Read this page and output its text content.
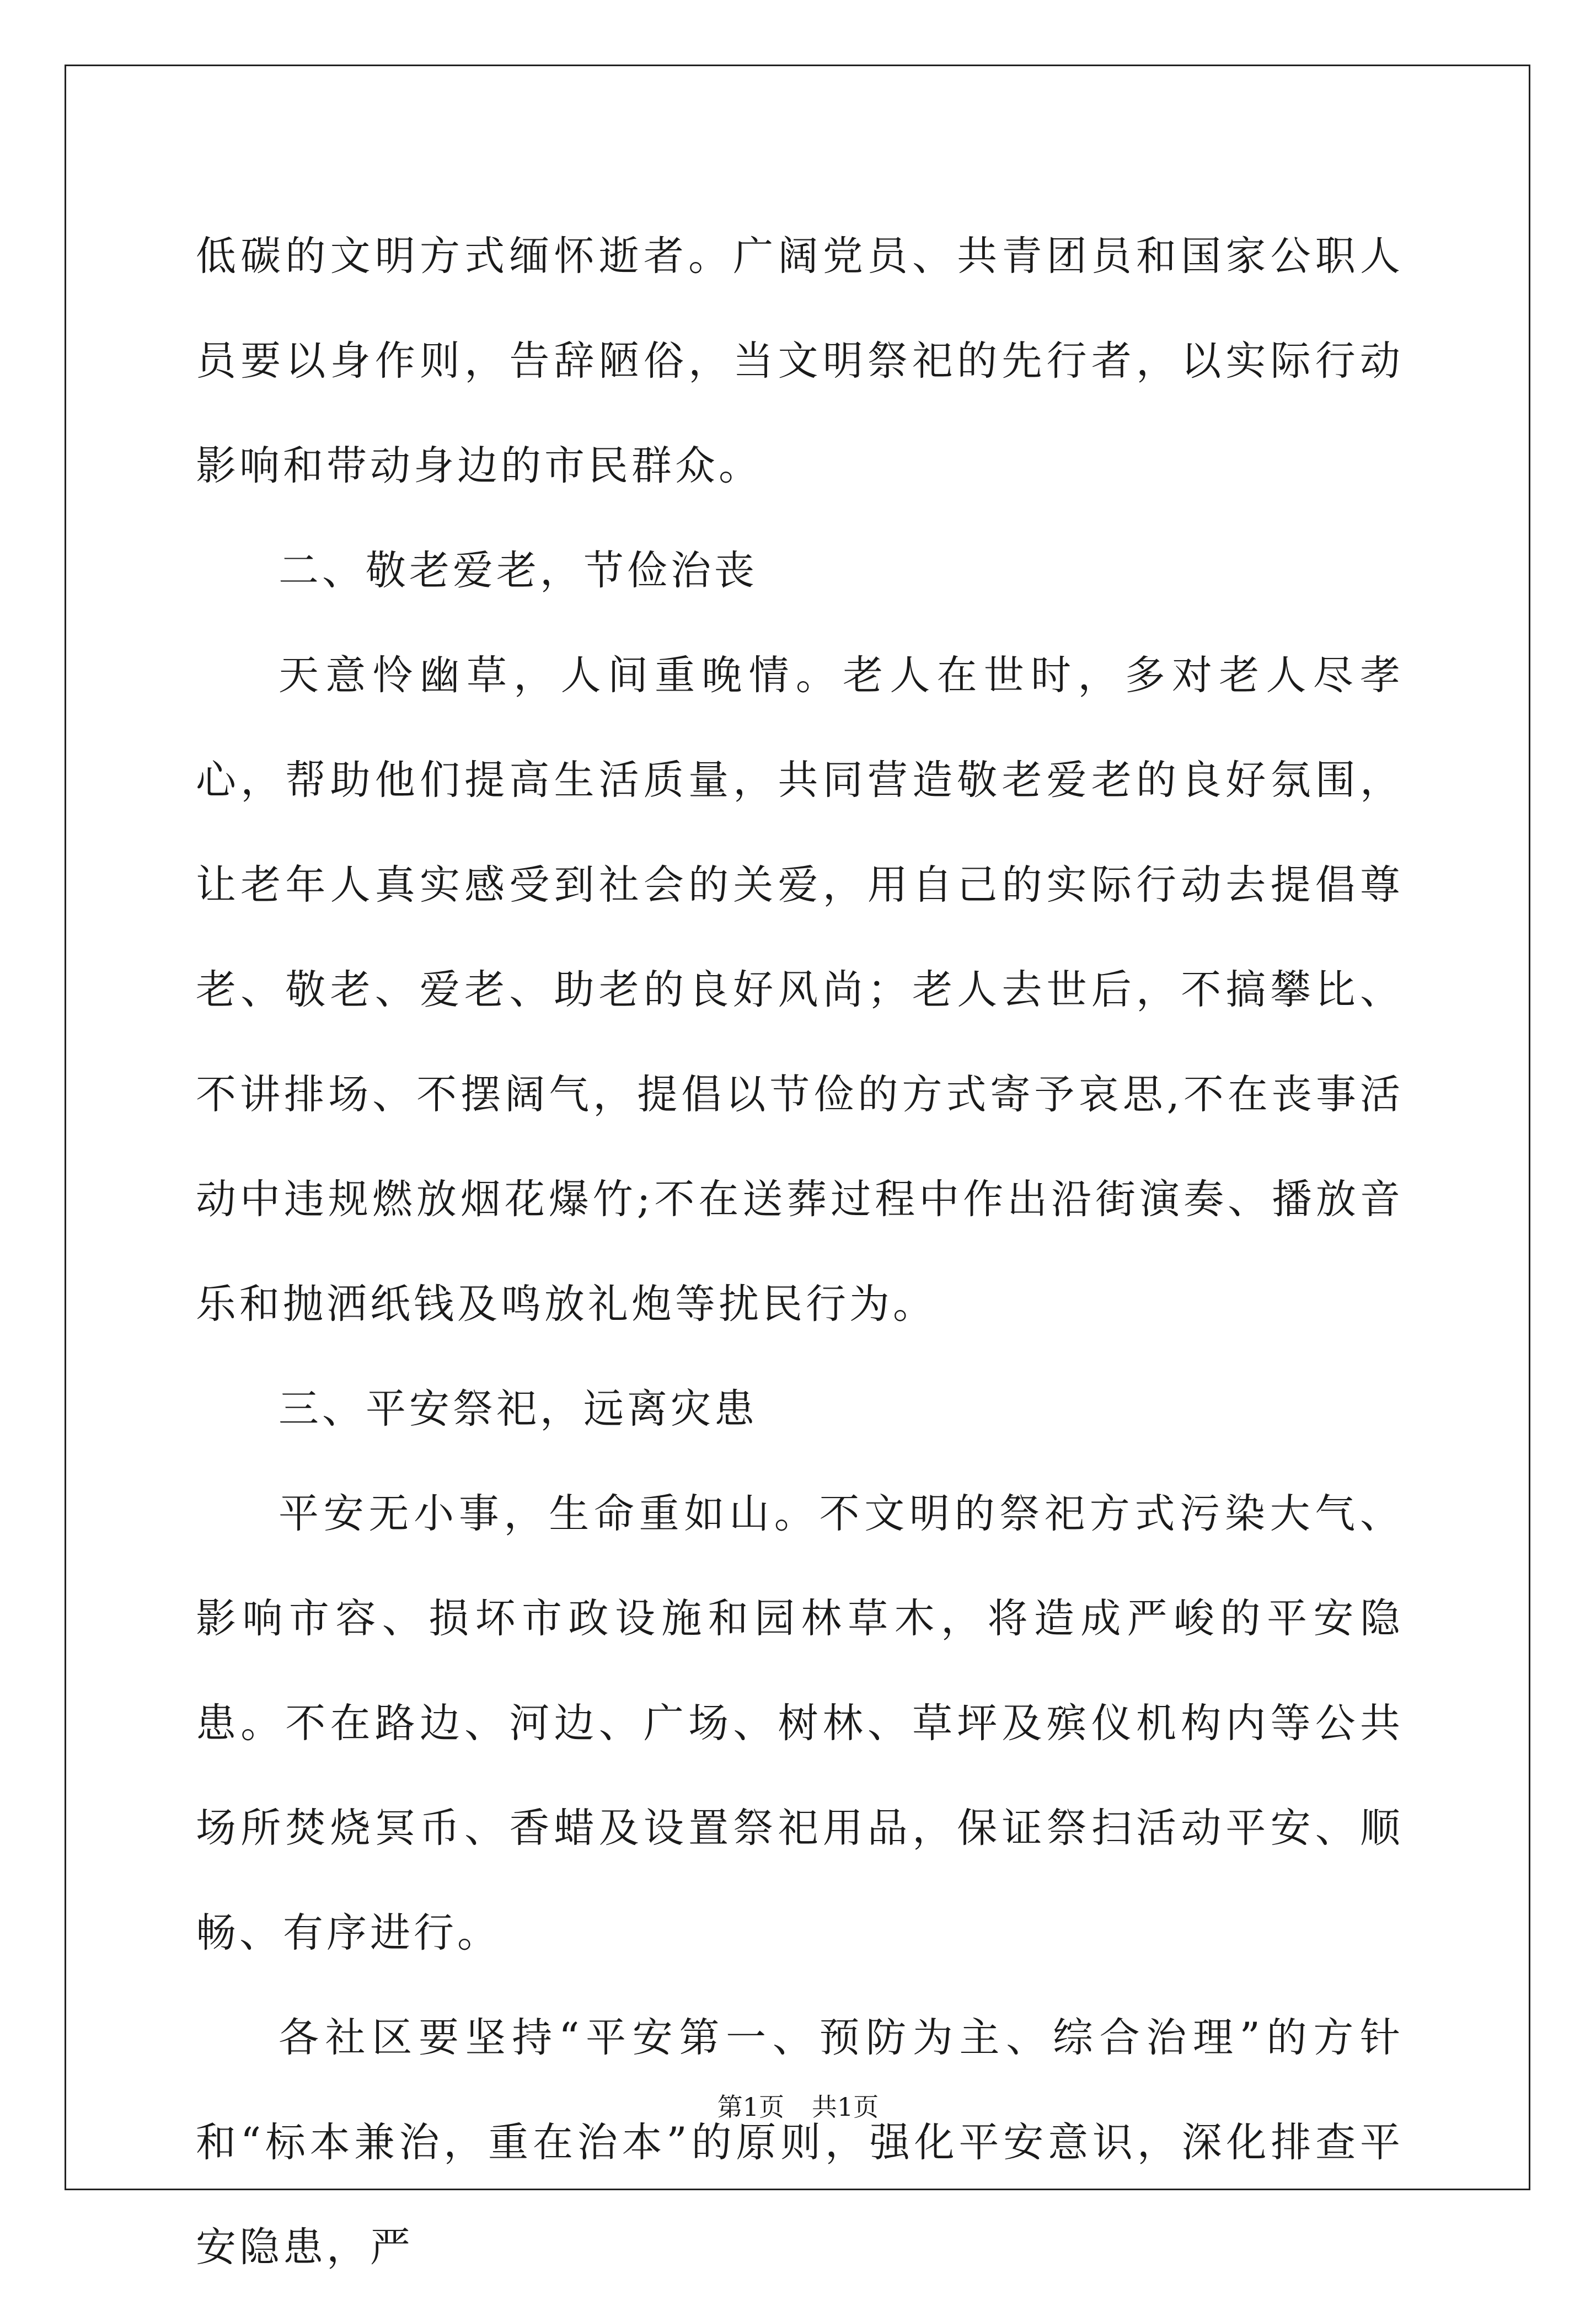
低碳的文明方式缅怀逝者。广阔党员、共青团员和国家公职人员要以身作则，告辞陋俗，当文明祭祀的先行者，以实际行动影响和带动身边的市民群众。

二、敬老爱老，节俭治丧

天意怜幽草，人间重晚情。老人在世时，多对老人尽孝心，帮助他们提高生活质量，共同营造敬老爱老的良好氛围，让老年人真实感受到社会的关爱，用自己的实际行动去提倡尊老、敬老、爱老、助老的良好风尚；老人去世后，不搞攀比、不讲排场、不摆阔气，提倡以节俭的方式寄予哀思,不在丧事活动中违规燃放烟花爆竹;不在送葬过程中作出沿街演奏、播放音乐和抛洒纸钱及鸣放礼炮等扰民行为。

三、平安祭祀，远离灾患

平安无小事，生命重如山。不文明的祭祀方式污染大气、影响市容、损坏市政设施和园林草木，将造成严峻的平安隐患。不在路边、河边、广场、树林、草坪及殡仪机构内等公共场所焚烧冥币、香蜡及设置祭祀用品，保证祭扫活动平安、顺畅、有序进行。

各社区要坚持“平安第一、预防为主、综合治理”的方针和“标本兼治，重在治本”的原则，强化平安意识，深化排查平安隐患，严

第1页 共1页
